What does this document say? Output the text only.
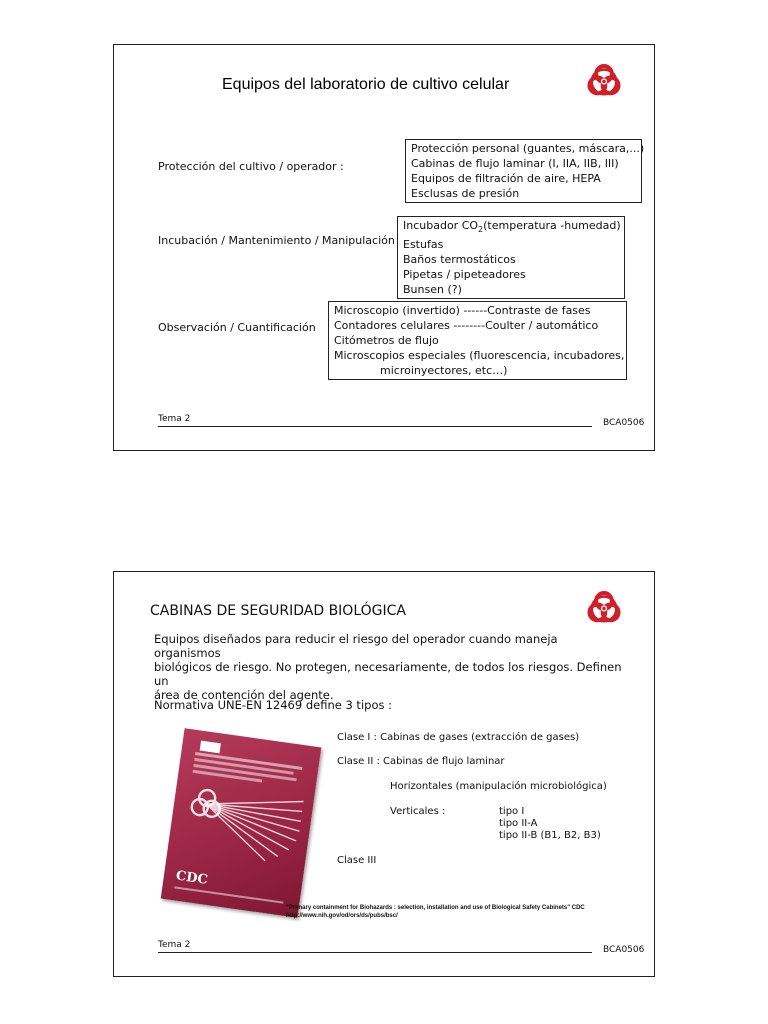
Equipos del laboratorio de cultivo celular
Protección del cultivo / operador :
Protección personal (guantes, máscara,...)
Cabinas de flujo laminar (I, IIA, IIB, III)
Equipos de filtración de aire, HEPA
Esclusas de presión
Incubación / Mantenimiento / Manipulación
Incubador $CO_2(temperatura$ -humedad)
Estufas
Baños termostáticos
Pipetas / pipeteadores
Bunsen (?)
Observación / Cuantificación
Microscopio (invertido) ------Contraste de fases
Contadores celulares --------Coulter / automático
Citómetros de flujo
Microscopios especiales (fluorescencia, incubadores,
microinyectores, etc…)
Tema 2	BCA0506
CABINAS DE SEGURIDAD BIOLÓGICA
Equipos diseñados para reducir el riesgo del operador cuando maneja organismos
biológicos de riesgo. No protegen, necesariamente, de todos los riesgos. Definen un
área de contención del agente.
Normativa UNE-EN 12469 define 3 tipos :
CDC
Clase I : Cabinas de gases (extracción de gases)
Clase II : Cabinas de flujo laminar
Horizontales (manipulación microbiológica)
Verticales :	tipo I
tipo II-A
tipo II-B (B1, B2, B3)
Clase III
"Primary containment for Biohazards : selection, installation and use of Biological Safety Cabinets" CDC
http://www.nih.gov/od/ors/ds/pubs/bsc/
Tema 2	BCA0506
